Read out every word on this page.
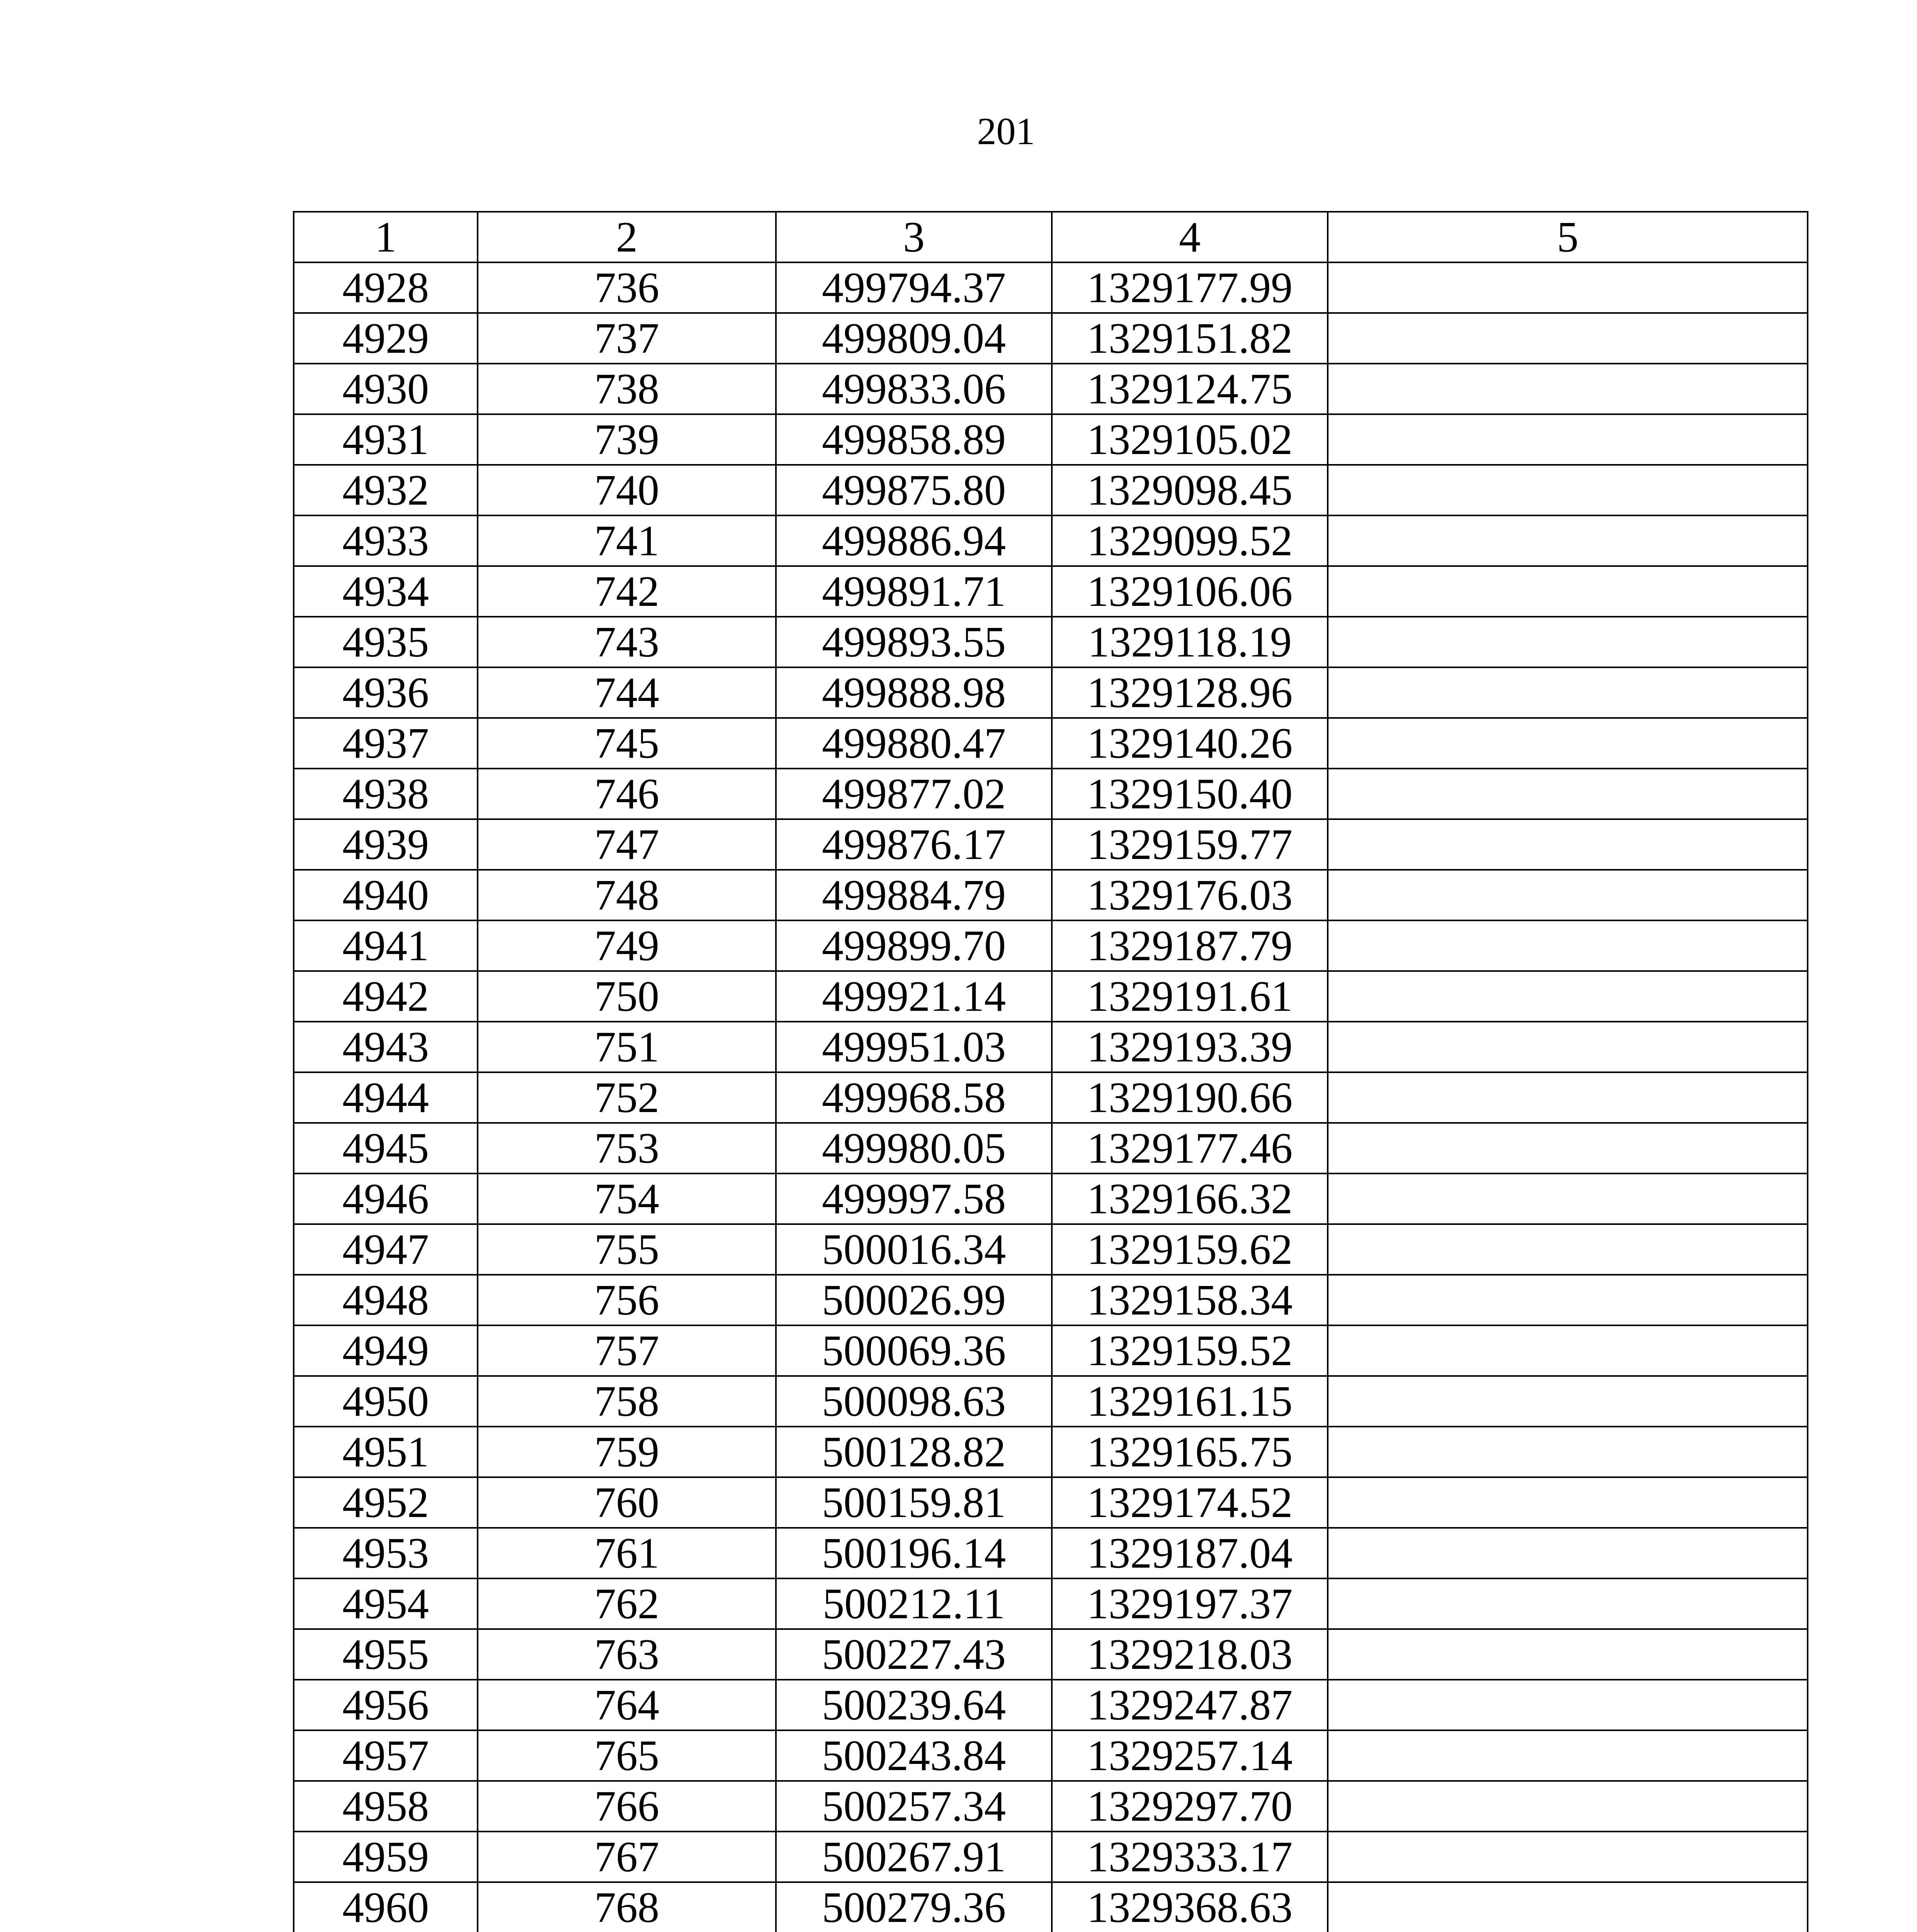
201
1	2	3	4	5
4928	736	499794.37	1329177.99	
4929	737	499809.04	1329151.82	
4930	738	499833.06	1329124.75	
4931	739	499858.89	1329105.02	
4932	740	499875.80	1329098.45	
4933	741	499886.94	1329099.52	
4934	742	499891.71	1329106.06	
4935	743	499893.55	1329118.19	
4936	744	499888.98	1329128.96	
4937	745	499880.47	1329140.26	
4938	746	499877.02	1329150.40	
4939	747	499876.17	1329159.77	
4940	748	499884.79	1329176.03	
4941	749	499899.70	1329187.79	
4942	750	499921.14	1329191.61	
4943	751	499951.03	1329193.39	
4944	752	499968.58	1329190.66	
4945	753	499980.05	1329177.46	
4946	754	499997.58	1329166.32	
4947	755	500016.34	1329159.62	
4948	756	500026.99	1329158.34	
4949	757	500069.36	1329159.52	
4950	758	500098.63	1329161.15	
4951	759	500128.82	1329165.75	
4952	760	500159.81	1329174.52	
4953	761	500196.14	1329187.04	
4954	762	500212.11	1329197.37	
4955	763	500227.43	1329218.03	
4956	764	500239.64	1329247.87	
4957	765	500243.84	1329257.14	
4958	766	500257.34	1329297.70	
4959	767	500267.91	1329333.17	
4960	768	500279.36	1329368.63	
